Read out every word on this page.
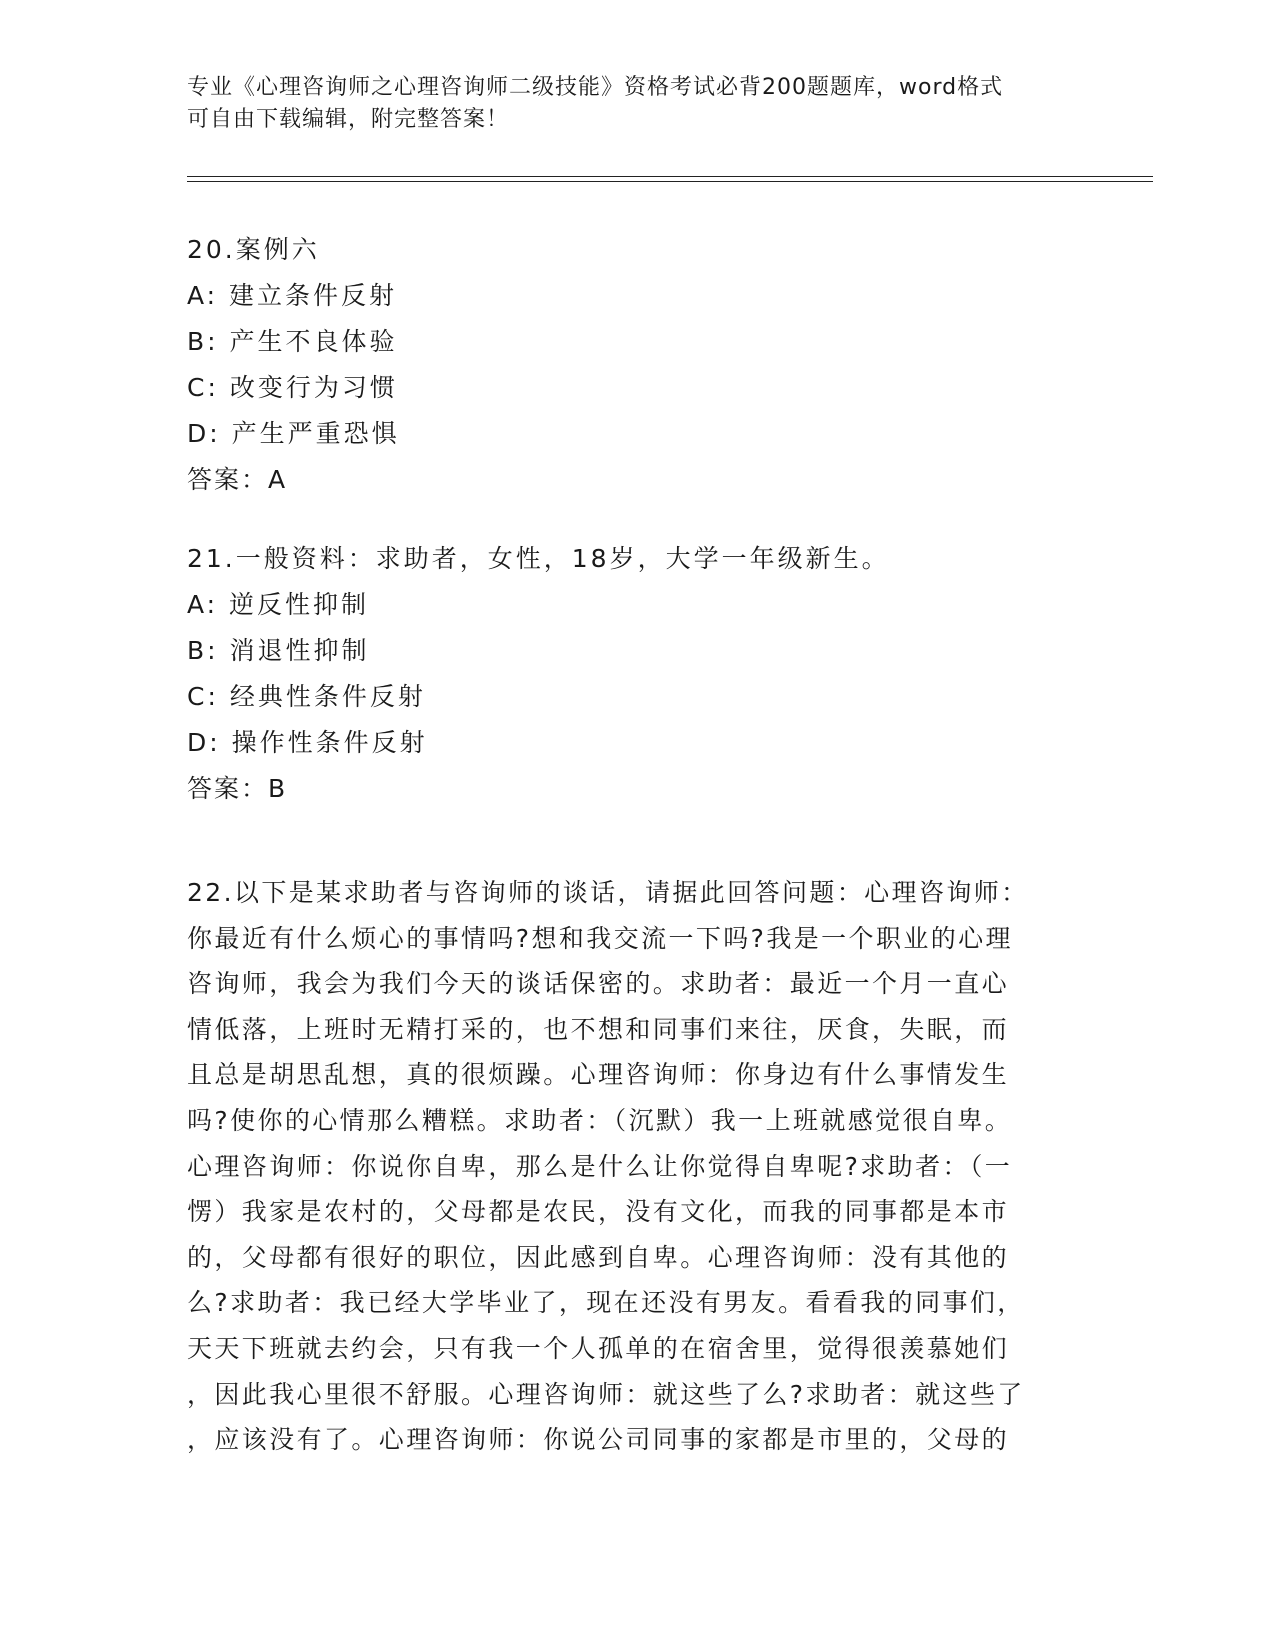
专业《心理咨询师之心理咨询师二级技能》资格考试必背200题题库，word格式
可自由下载编辑，附完整答案！
20.案例六
A: 建立条件反射
B: 产生不良体验
C: 改变行为习惯
D: 产生严重恐惧
答案：A
21.一般资料：求助者，女性，18岁，大学一年级新生。
A: 逆反性抑制
B: 消退性抑制
C: 经典性条件反射
D: 操作性条件反射
答案：B
22.以下是某求助者与咨询师的谈话，请据此回答问题：心理咨询师：
你最近有什么烦心的事情吗?想和我交流一下吗?我是一个职业的心理
咨询师，我会为我们今天的谈话保密的。求助者：最近一个月一直心
情低落，上班时无精打采的，也不想和同事们来往，厌食，失眠，而
且总是胡思乱想，真的很烦躁。心理咨询师：你身边有什么事情发生
吗?使你的心情那么糟糕。求助者：（沉默）我一上班就感觉很自卑。
心理咨询师：你说你自卑，那么是什么让你觉得自卑呢?求助者：（一
愣）我家是农村的，父母都是农民，没有文化，而我的同事都是本市
的，父母都有很好的职位，因此感到自卑。心理咨询师：没有其他的
么?求助者：我已经大学毕业了，现在还没有男友。看看我的同事们，
天天下班就去约会，只有我一个人孤单的在宿舍里，觉得很羡慕她们
，因此我心里很不舒服。心理咨询师：就这些了么?求助者：就这些了
，应该没有了。心理咨询师：你说公司同事的家都是市里的，父母的
